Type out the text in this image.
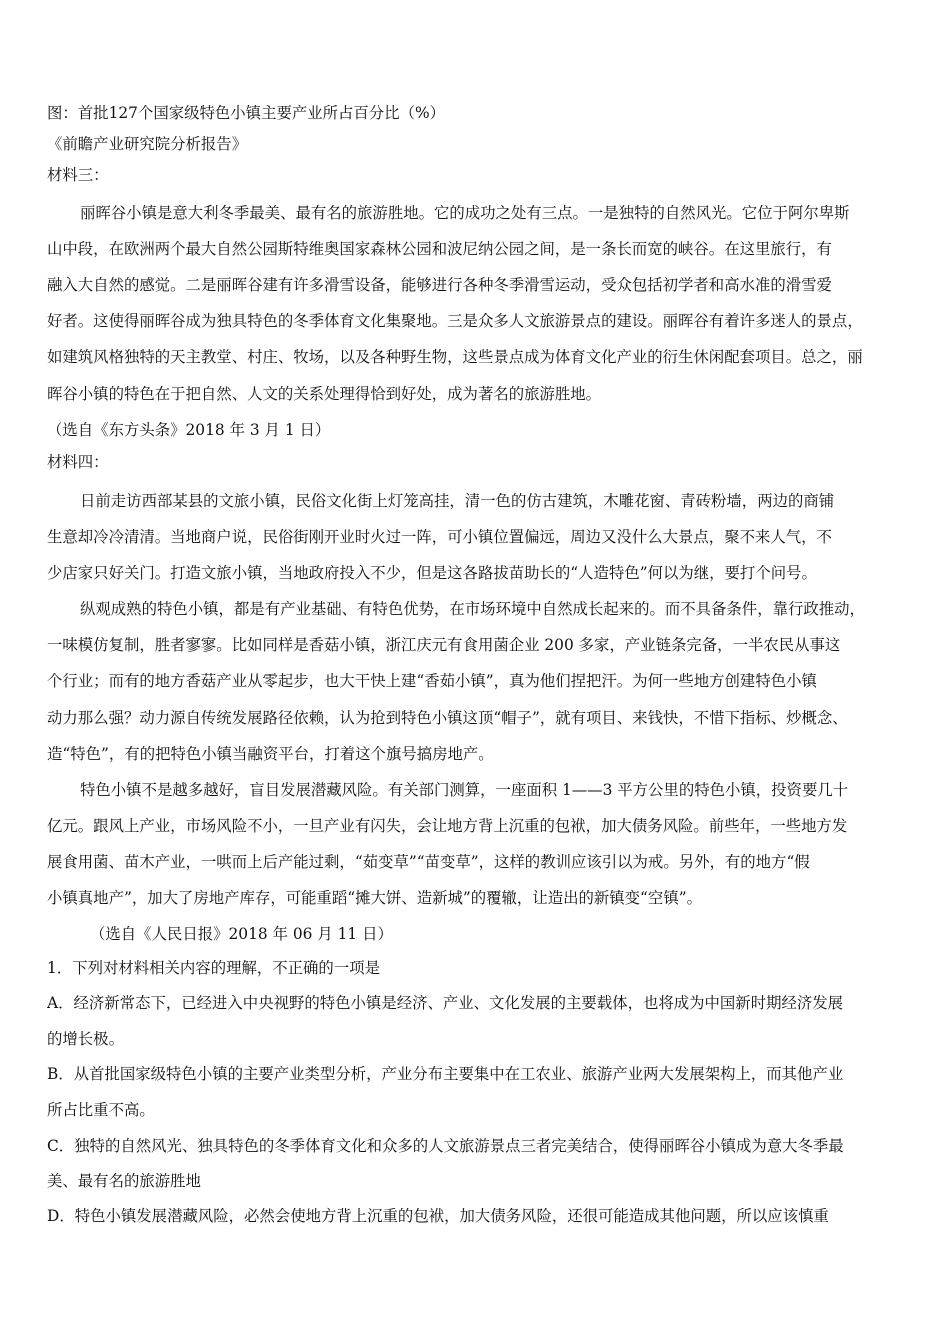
图：首批127个国家级特色小镇主要产业所占百分比（%）
《前瞻产业研究院分析报告》
材料三：
丽晖谷小镇是意大利冬季最美、最有名的旅游胜地。它的成功之处有三点。一是独特的自然风光。它位于阿尔卑斯
山中段，在欧洲两个最大自然公园斯特维奥国家森林公园和波尼纳公园之间，是一条长而宽的峡谷。在这里旅行，有
融入大自然的感觉。二是丽晖谷建有许多滑雪设备，能够进行各种冬季滑雪运动，受众包括初学者和高水准的滑雪爱
好者。这使得丽晖谷成为独具特色的冬季体育文化集聚地。三是众多人文旅游景点的建设。丽晖谷有着许多迷人的景点，
如建筑风格独特的天主教堂、村庄、牧场，以及各种野生物，这些景点成为体育文化产业的衍生休闲配套项目。总之，丽
晖谷小镇的特色在于把自然、人文的关系处理得恰到好处，成为著名的旅游胜地。
（选自《东方头条》2018 年 3 月 1 日）
材料四：
日前走访西部某县的文旅小镇，民俗文化街上灯笼高挂，清一色的仿古建筑，木雕花窗、青砖粉墙，两边的商铺
生意却冷冷清清。当地商户说，民俗街刚开业时火过一阵，可小镇位置偏远，周边又没什么大景点，聚不来人气，不
少店家只好关门。打造文旅小镇，当地政府投入不少，但是这各路拔苗助长的“人造特色”何以为继，要打个问号。
纵观成熟的特色小镇，都是有产业基础、有特色优势，在市场环境中自然成长起来的。而不具备条件，靠行政推动，
一味模仿复制，胜者寥寥。比如同样是香菇小镇，浙江庆元有食用菌企业 200 多家，产业链条完备，一半农民从事这
个行业；而有的地方香菇产业从零起步，也大干快上建“香茹小镇”，真为他们捏把汗。为何一些地方创建特色小镇
动力那么强？动力源自传统发展路径依赖，认为抢到特色小镇这顶“帽子”，就有项目、来钱快，不惜下指标、炒概念、
造“特色”，有的把特色小镇当融资平台，打着这个旗号搞房地产。
特色小镇不是越多越好，盲目发展潜藏风险。有关部门测算，一座面积 1——3 平方公里的特色小镇，投资要几十
亿元。跟风上产业，市场风险不小，一旦产业有闪失，会让地方背上沉重的包袱，加大债务风险。前些年，一些地方发
展食用菌、苗木产业，一哄而上后产能过剩，“茹变草”“苗变草”，这样的教训应该引以为戒。另外，有的地方“假
小镇真地产”，加大了房地产库存，可能重蹈“摊大饼、造新城”的覆辙，让造出的新镇变“空镇”。
（选自《人民日报》2018 年 06 月 11 日）
1．下列对材料相关内容的理解，不正确的一项是
A．经济新常态下，已经进入中央视野的特色小镇是经济、产业、文化发展的主要载体，也将成为中国新时期经济发展
的增长极。
B．从首批国家级特色小镇的主要产业类型分析，产业分布主要集中在工农业、旅游产业两大发展架构上，而其他产业
所占比重不高。
C．独特的自然风光、独具特色的冬季体育文化和众多的人文旅游景点三者完美结合，使得丽晖谷小镇成为意大冬季最
美、最有名的旅游胜地
D．特色小镇发展潜藏风险，必然会使地方背上沉重的包袱，加大债务风险，还很可能造成其他问题，所以应该慎重
